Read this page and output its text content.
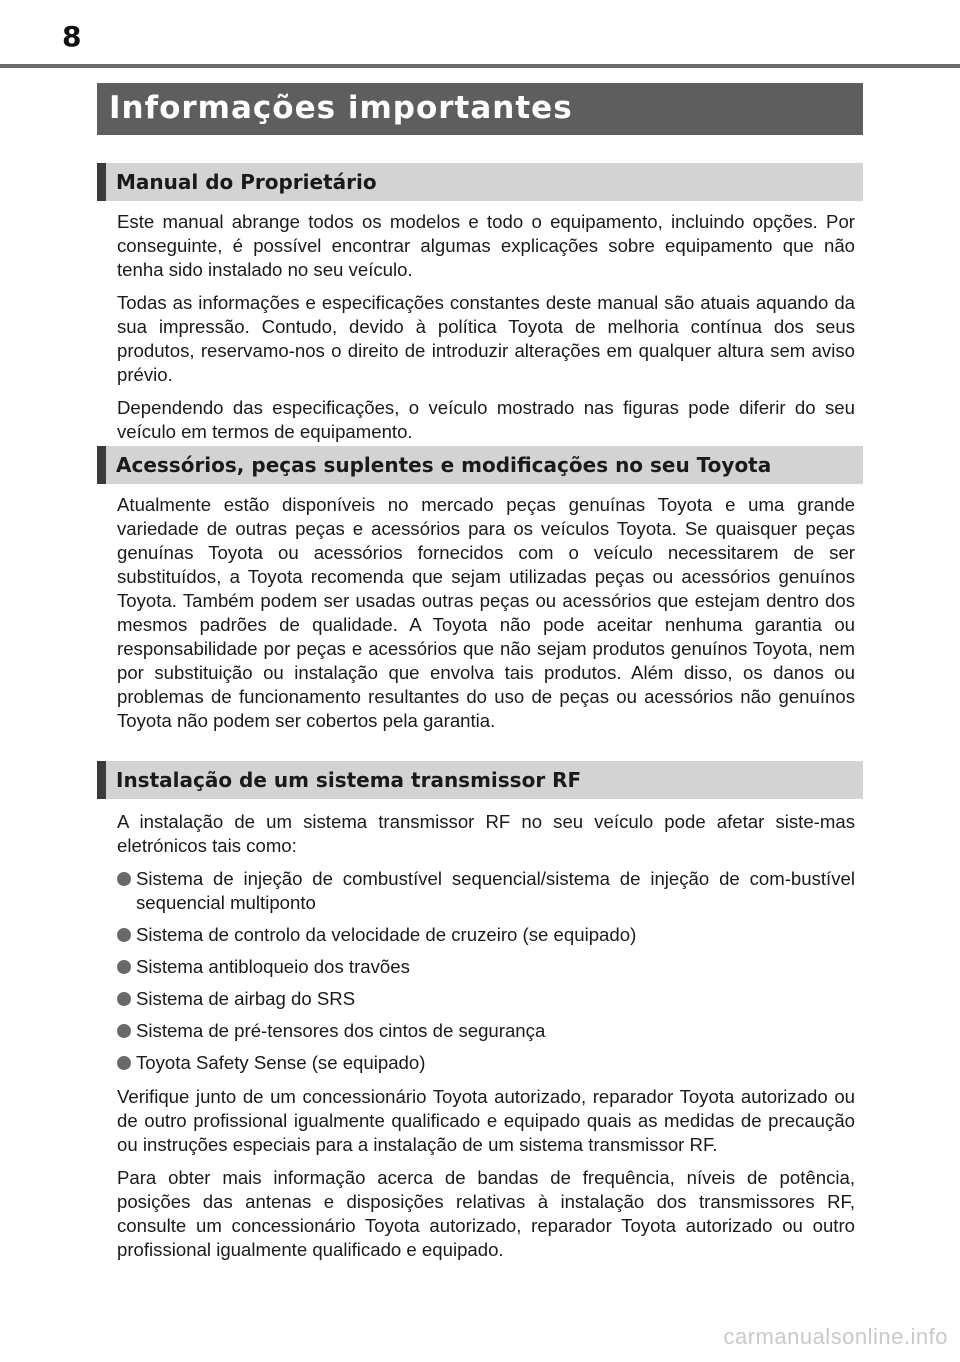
8
Informações importantes
Manual do Proprietário

Este manual abrange todos os modelos e todo o equipamento, incluindo opções. Por conseguinte, é possível encontrar algumas explicações sobre equipamento que não tenha sido instalado no seu veículo.

Todas as informações e especificações constantes deste manual são atuais aquando da sua impressão. Contudo, devido à política Toyota de melhoria contínua dos seus produtos, reservamo-nos o direito de introduzir alterações em qualquer altura sem aviso prévio.

Dependendo das especificações, o veículo mostrado nas figuras pode diferir do seu veículo em termos de equipamento.

Acessórios, peças suplentes e modificações no seu Toyota

Atualmente estão disponíveis no mercado peças genuínas Toyota e uma grande variedade de outras peças e acessórios para os veículos Toyota. Se quaisquer peças genuínas Toyota ou acessórios fornecidos com o veículo necessitarem de ser substituídos, a Toyota recomenda que sejam utilizadas peças ou acessórios genuínos Toyota. Também podem ser usadas outras peças ou acessórios que estejam dentro dos mesmos padrões de qualidade. A Toyota não pode aceitar nenhuma garantia ou responsabilidade por peças e acessórios que não sejam produtos genuínos Toyota, nem por substituição ou instalação que envolva tais produtos. Além disso, os danos ou problemas de funcionamento resultantes do uso de peças ou acessórios não genuínos Toyota não podem ser cobertos pela garantia.

Instalação de um sistema transmissor RF

A instalação de um sistema transmissor RF no seu veículo pode afetar siste-mas eletrónicos tais como:

Sistema de injeção de combustível sequencial/sistema de injeção de com-bustível sequencial multiponto
Sistema de controlo da velocidade de cruzeiro (se equipado)
Sistema antibloqueio dos travões
Sistema de airbag do SRS
Sistema de pré-tensores dos cintos de segurança
Toyota Safety Sense (se equipado)

Verifique junto de um concessionário Toyota autorizado, reparador Toyota autorizado ou de outro profissional igualmente qualificado e equipado quais as medidas de precaução ou instruções especiais para a instalação de um sistema transmissor RF.

Para obter mais informação acerca de bandas de frequência, níveis de potência, posições das antenas e disposições relativas à instalação dos transmissores RF, consulte um concessionário Toyota autorizado, reparador Toyota autorizado ou outro profissional igualmente qualificado e equipado.

carmanualsonline.info
